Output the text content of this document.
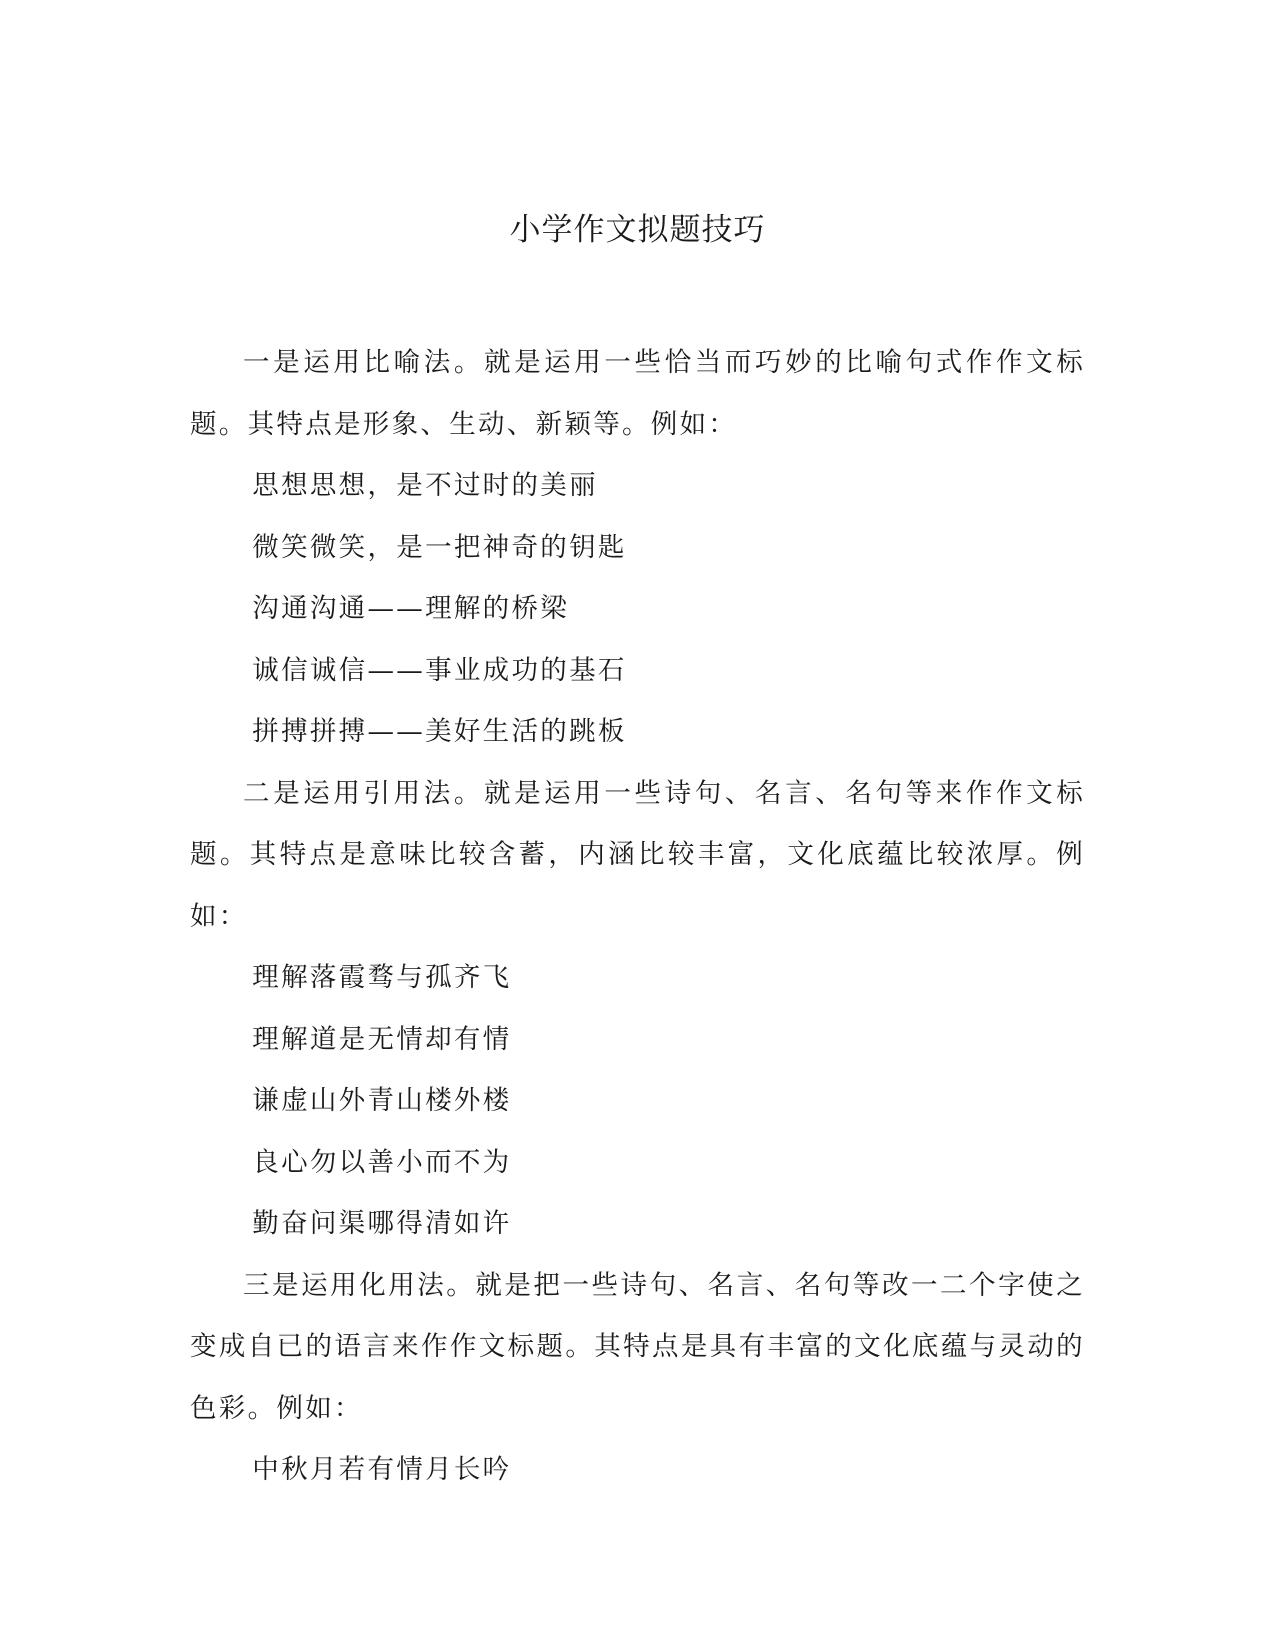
小学作文拟题技巧

一是运用比喻法。就是运用一些恰当而巧妙的比喻句式作作文标题。其特点是形象、生动、新颖等。例如：

思想思想，是不过时的美丽

微笑微笑，是一把神奇的钥匙

沟通沟通——理解的桥梁

诚信诚信——事业成功的基石

拼搏拼搏——美好生活的跳板

二是运用引用法。就是运用一些诗句、名言、名句等来作作文标题。其特点是意味比较含蓄，内涵比较丰富，文化底蕴比较浓厚。例如：

理解落霞骛与孤齐飞

理解道是无情却有情

谦虚山外青山楼外楼

良心勿以善小而不为

勤奋问渠哪得清如许

三是运用化用法。就是把一些诗句、名言、名句等改一二个字使之变成自已的语言来作作文标题。其特点是具有丰富的文化底蕴与灵动的色彩。例如：

中秋月若有情月长吟
